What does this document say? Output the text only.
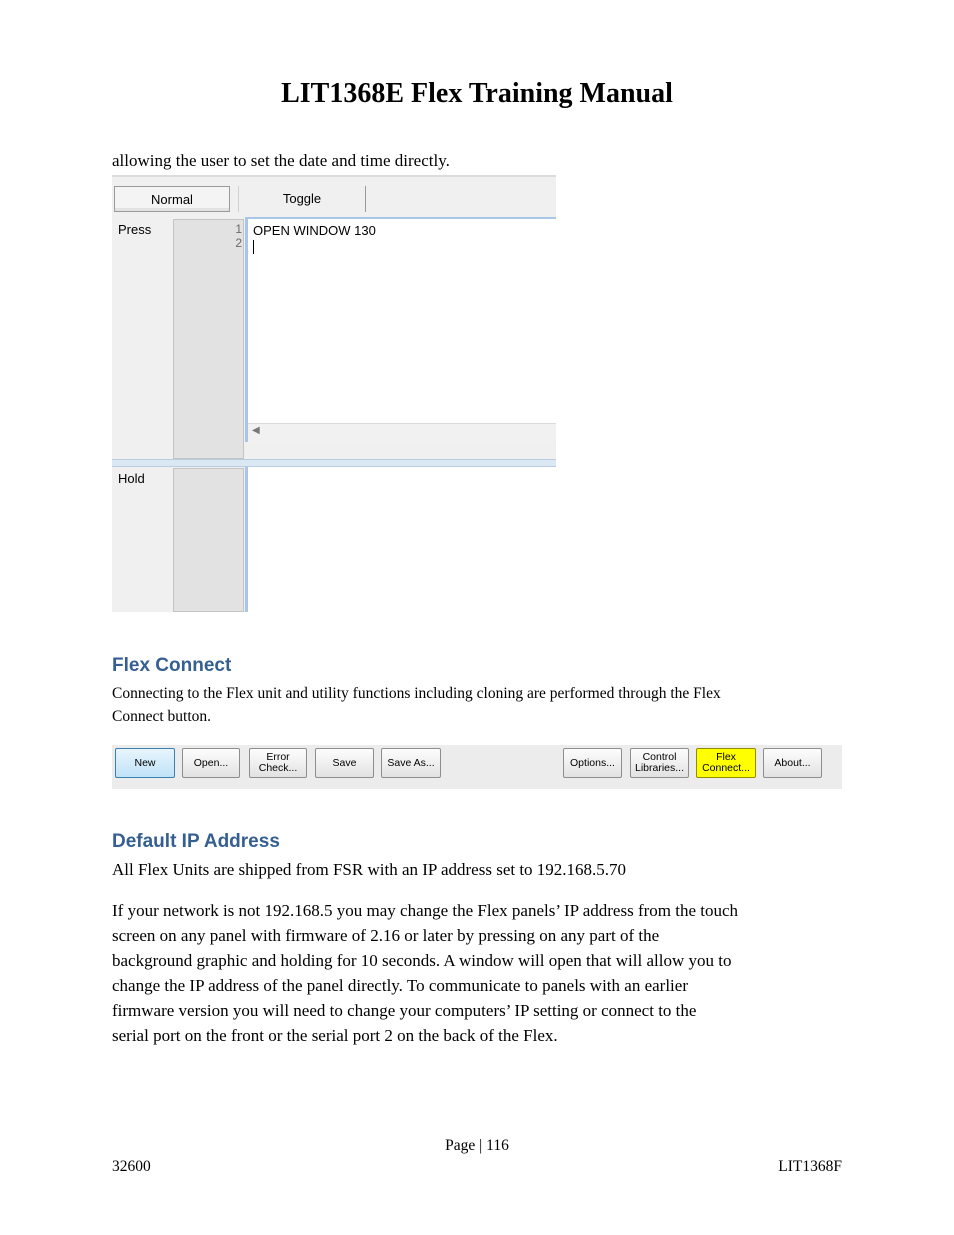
LIT1368E Flex Training Manual
allowing the user to set the date and time directly.
Normal	Toggle
Press	1
2
OPEN WINDOW 130
◀
Hold
Flex Connect
Connecting to the Flex unit and utility functions including cloning are performed through the Flex
Connect button.
New	Open...	Error
Check...	Save	Save As...	Options...	Control
Libraries...
Flex
Connect...	About...
Default IP Address
All Flex Units are shipped from FSR with an IP address set to 192.168.5.70
If your network is not 192.168.5 you may change the Flex panels’ IP address from the touch
screen on any panel with firmware of 2.16 or later by pressing on any part of the
background graphic and holding for 10 seconds. A window will open that will allow you to
change the IP address of the panel directly. To communicate to panels with an earlier
firmware version you will need to change your computers’ IP setting or connect to the
serial port on the front or the serial port 2 on the back of the Flex.
Page | 116
32600	LIT1368F
